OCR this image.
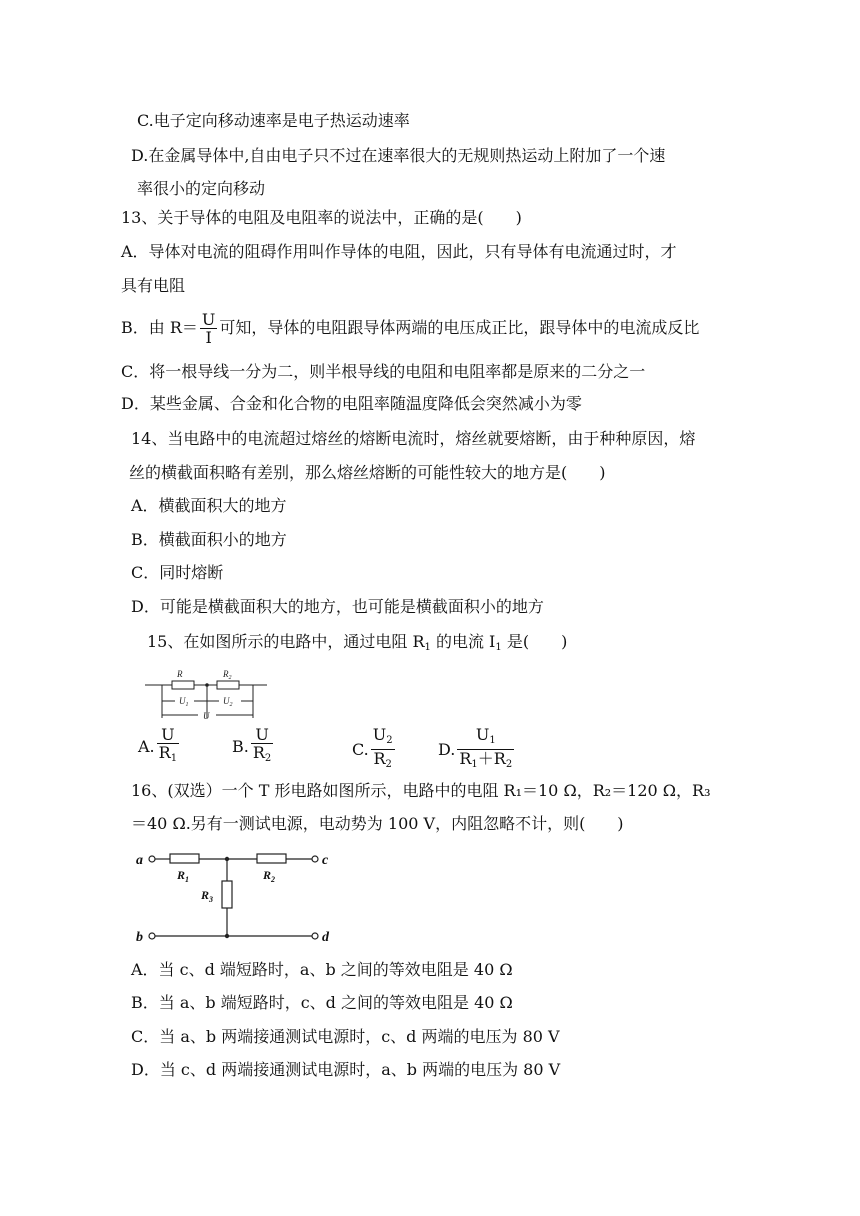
C.电子定向移动速率是电子热运动速率
D.在金属导体中,自由电子只不过在速率很大的无规则热运动上附加了一个速
率很小的定向移动
13、关于导体的电阻及电阻率的说法中，正确的是(　　)
A．导体对电流的阻碍作用叫作导体的电阻，因此，只有导体有电流通过时，才
具有电阻
B．由 $R= \frac{U}{I}$ 可知，导体的电阻跟导体两端的电压成正比，跟导体中的电流成反比
C．将一根导线一分为二，则半根导线的电阻和电阻率都是原来的二分之一
D．某些金属、合金和化合物的电阻率随温度降低会突然减小为零
14、当电路中的电流超过熔丝的熔断电流时，熔丝就要熔断，由于种种原因，熔
丝的横截面积略有差别，那么熔丝熔断的可能性较大的地方是(　　)
A．横截面积大的地方
B．横截面积小的地方
C．同时熔断
D．可能是横截面积大的地方，也可能是横截面积小的地方
15、在如图所示的电路中，通过电阻 $R_1$ 的电流 $I_1$ 是(　　)
R	$R_2$
$U_1$	$U_2$
U
A. $\frac{U}{R_1}$	B. $\frac{U}{R_2}$	C. $\frac{U_2}{R_2}$	D. $\frac{U_1}{R_1+R_2}$
16、(双选）一个 T 形电路如图所示，电路中的电阻 R₁＝10 Ω，R₂＝120 Ω，R₃
＝40 Ω.另有一测试电源，电动势为 100 V，内阻忽略不计，则(　　)
a
b
c
d
$R_1$	$R_2$
$R_3$
A．当 c、d 端短路时，a、b 之间的等效电阻是 40 Ω
B．当 a、b 端短路时，c、d 之间的等效电阻是 40 Ω
C．当 a、b 两端接通测试电源时，c、d 两端的电压为 80 V
D．当 c、d 两端接通测试电源时，a、b 两端的电压为 80 V
